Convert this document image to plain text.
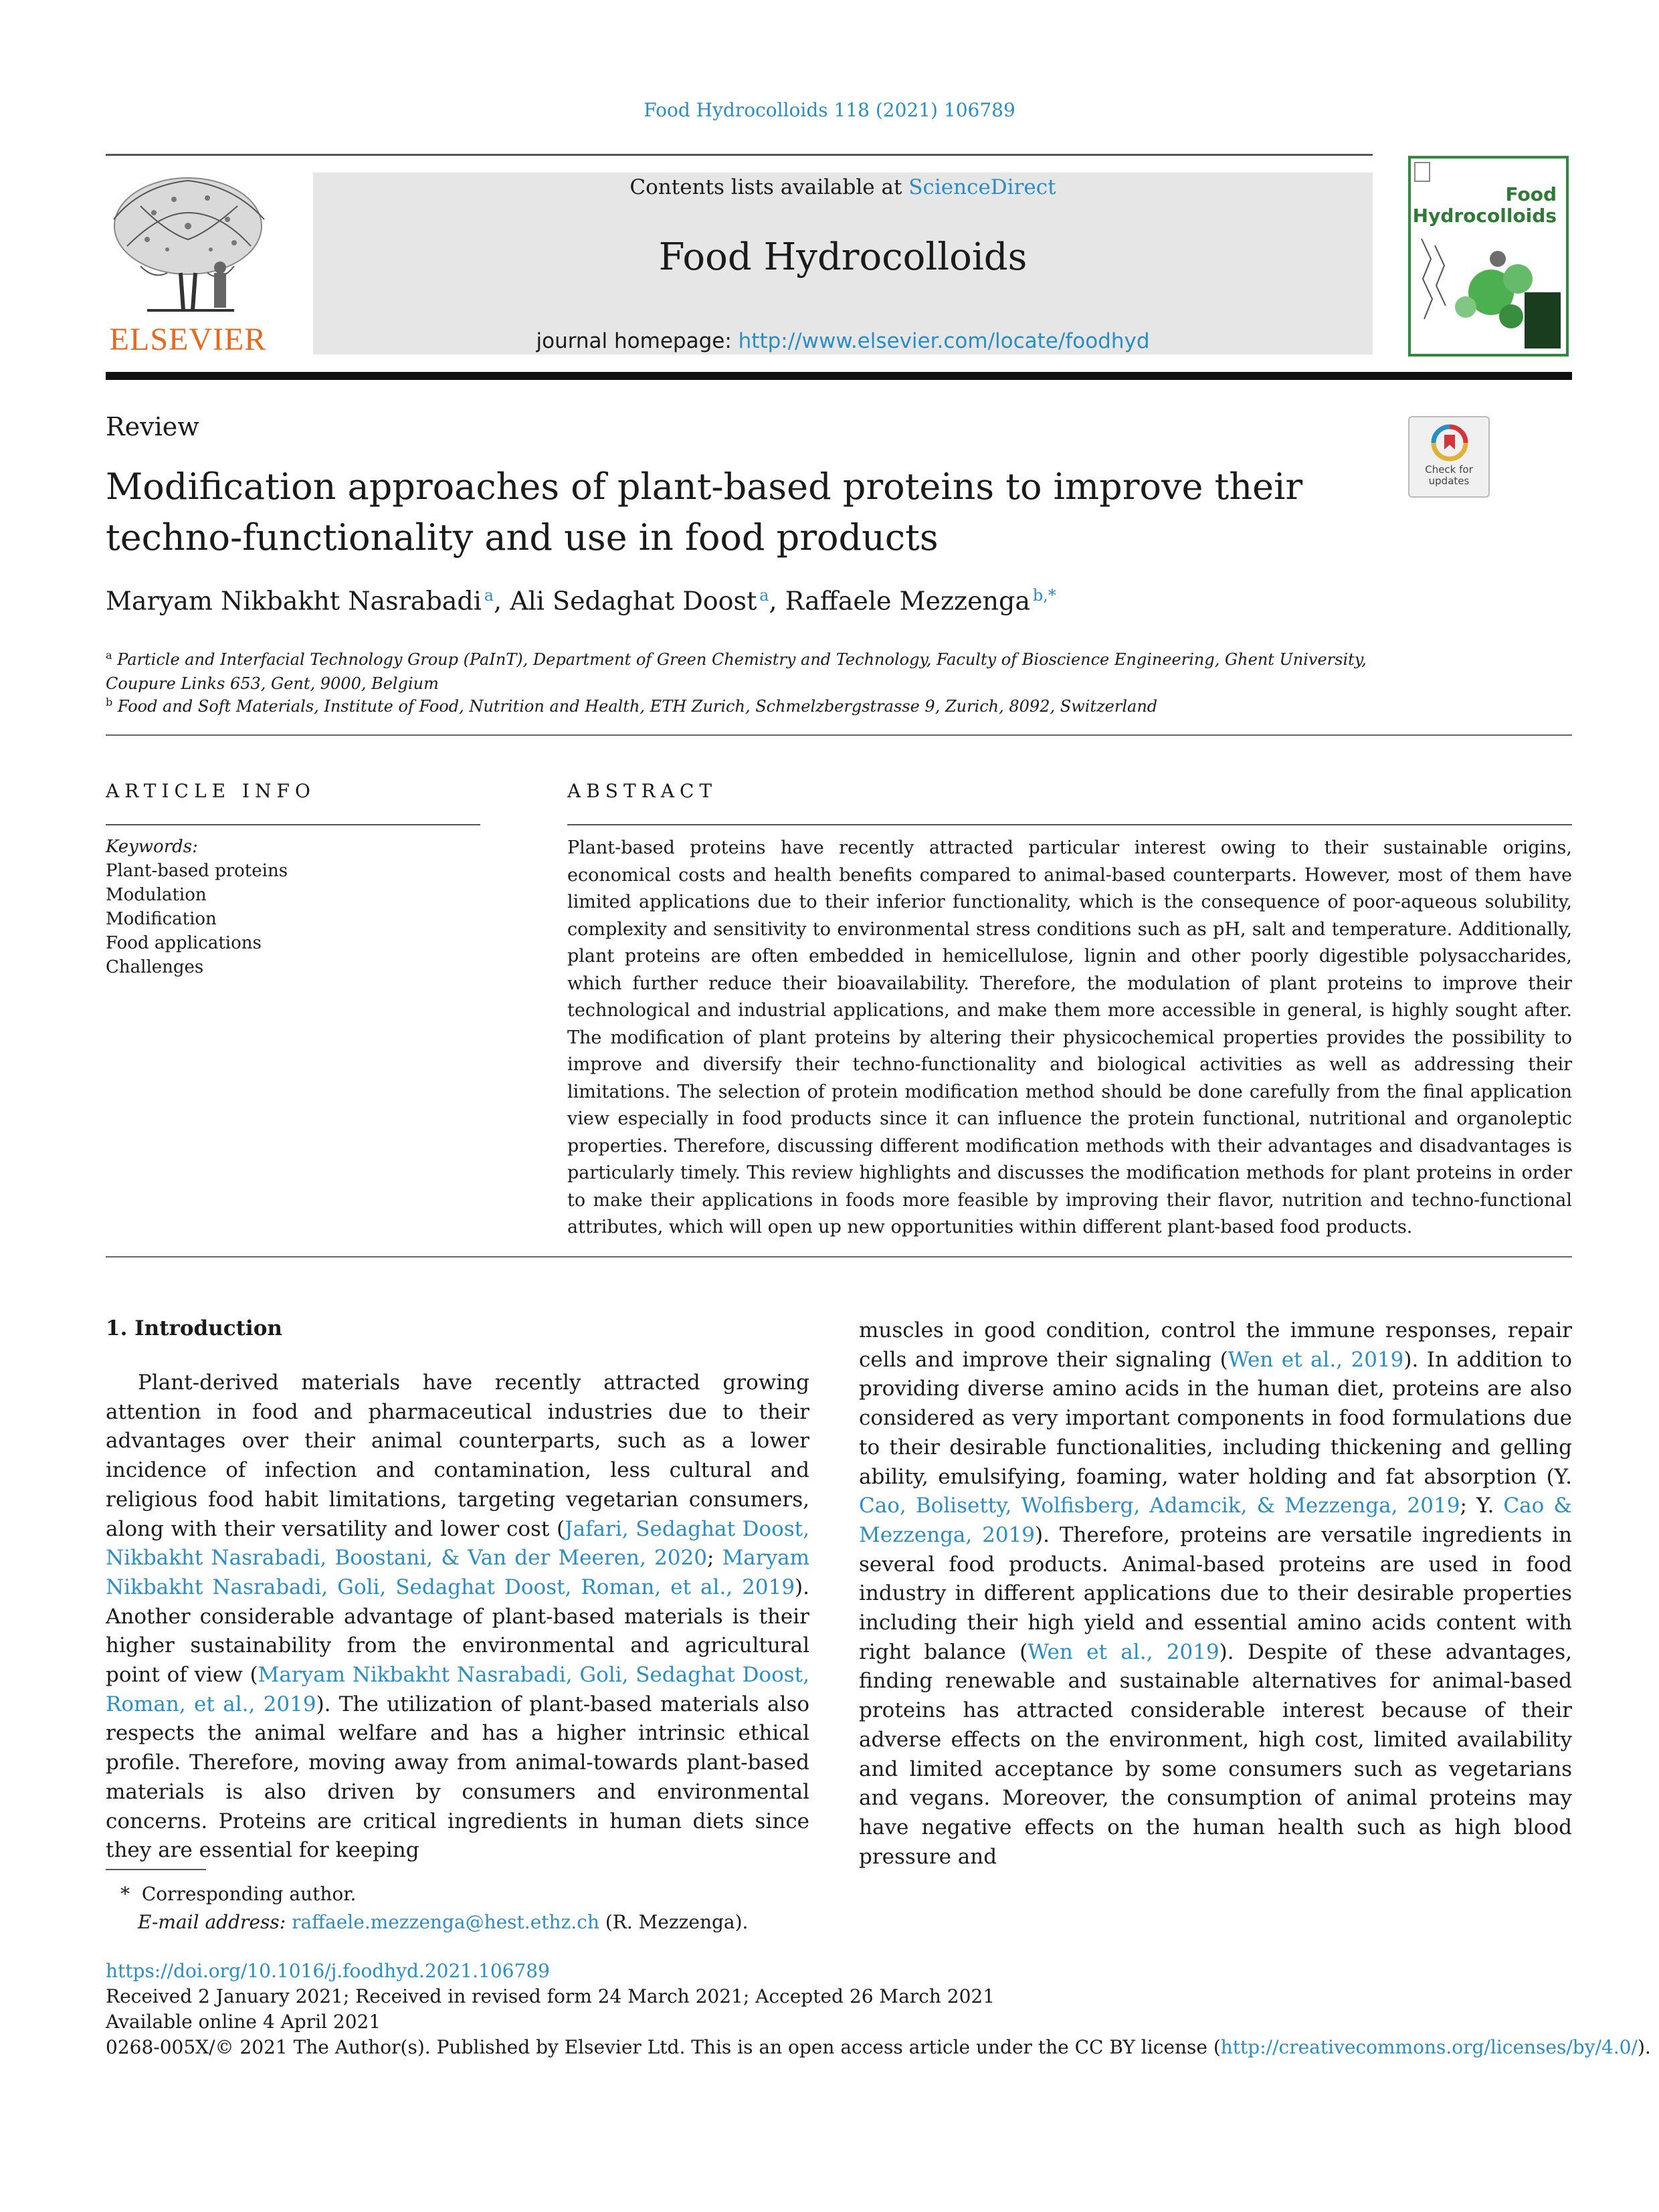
Food Hydrocolloids 118 (2021) 106789
ELSEVIER
Contents lists available at ScienceDirect
Food Hydrocolloids
journal homepage: http://www.elsevier.com/locate/foodhyd
Food
Hydrocolloids
Review
Modification approaches of plant-based proteins to improve their techno-functionality and use in food products
Check for
updates
Maryam Nikbakht Nasrabadi  $^a$, Ali Sedaghat Doost  $^a$, Raffaele Mezzenga  $^{b,*}$
$^a$ Particle and Interfacial Technology Group (PaInT), Department of Green Chemistry and Technology, Faculty of Bioscience Engineering, Ghent University, Coupure Links 653, Gent, 9000, Belgium
$^b$ Food and Soft Materials, Institute of Food, Nutrition and Health, ETH Zurich, Schmelzbergstrasse 9, Zurich, 8092, Switzerland
ARTICLE INFO	ABSTRACT
Keywords:
Plant-based proteins
Modulation
Modification
Food applications
Challenges
Plant-based proteins have recently attracted particular interest owing to their sustainable origins, economical costs and health benefits compared to animal-based counterparts. However, most of them have limited applications due to their inferior functionality, which is the consequence of poor-aqueous solubility, complexity and sensitivity to environmental stress conditions such as pH, salt and temperature. Additionally, plant proteins are often embedded in hemicellulose, lignin and other poorly digestible polysaccharides, which further reduce their bioavailability. Therefore, the modulation of plant proteins to improve their technological and industrial applications, and make them more accessible in general, is highly sought after. The modification of plant proteins by altering their physicochemical properties provides the possibility to improve and diversify their techno-functionality and biological activities as well as addressing their limitations. The selection of protein modification method should be done carefully from the final application view especially in food products since it can influence the protein functional, nutritional and organoleptic properties. Therefore, discussing different modification methods with their advantages and disadvantages is particularly timely. This review highlights and discusses the modification methods for plant proteins in order to make their applications in foods more feasible by improving their flavor, nutrition and techno-functional attributes, which will open up new opportunities within different plant-based food products.
1. Introduction
Plant-derived materials have recently attracted growing attention in food and pharmaceutical industries due to their advantages over their animal counterparts, such as a lower incidence of infection and contamination, less cultural and religious food habit limitations, targeting vegetarian consumers, along with their versatility and lower cost (Jafari, Sedaghat Doost, Nikbakht Nasrabadi, Boostani, & Van der Meeren, 2020; Maryam Nikbakht Nasrabadi, Goli, Sedaghat Doost, Roman, et al., 2019). Another considerable advantage of plant-based materials is their higher sustainability from the environmental and agricultural point of view (Maryam Nikbakht Nasrabadi, Goli, Sedaghat Doost, Roman, et al., 2019). The utilization of plant-based materials also respects the animal welfare and has a higher intrinsic ethical profile. Therefore, moving away from animal-towards plant-based materials is also driven by consumers and environmental concerns. Proteins are critical ingredients in human diets since they are essential for keeping
muscles in good condition, control the immune responses, repair cells and improve their signaling (Wen et al., 2019). In addition to providing diverse amino acids in the human diet, proteins are also considered as very important components in food formulations due to their desirable functionalities, including thickening and gelling ability, emulsifying, foaming, water holding and fat absorption (Y. Cao, Bolisetty, Wolfisberg, Adamcik, & Mezzenga, 2019; Y. Cao & Mezzenga, 2019). Therefore, proteins are versatile ingredients in several food products. Animal-based proteins are used in food industry in different applications due to their desirable properties including their high yield and essential amino acids content with right balance (Wen et al., 2019). Despite of these advantages, finding renewable and sustainable alternatives for animal-based proteins has attracted considerable interest because of their adverse effects on the environment, high cost, limited availability and limited acceptance by some consumers such as vegetarians and vegans. Moreover, the consumption of animal proteins may have negative effects on the human health such as high blood pressure and
*  Corresponding author.
E-mail address: raffaele.mezzenga@hest.ethz.ch (R. Mezzenga).
https://doi.org/10.1016/j.foodhyd.2021.106789
Received 2 January 2021; Received in revised form 24 March 2021; Accepted 26 March 2021
Available online 4 April 2021
0268-005X/© 2021 The Author(s). Published by Elsevier Ltd. This is an open access article under the CC BY license (http://creativecommons.org/licenses/by/4.0/).
